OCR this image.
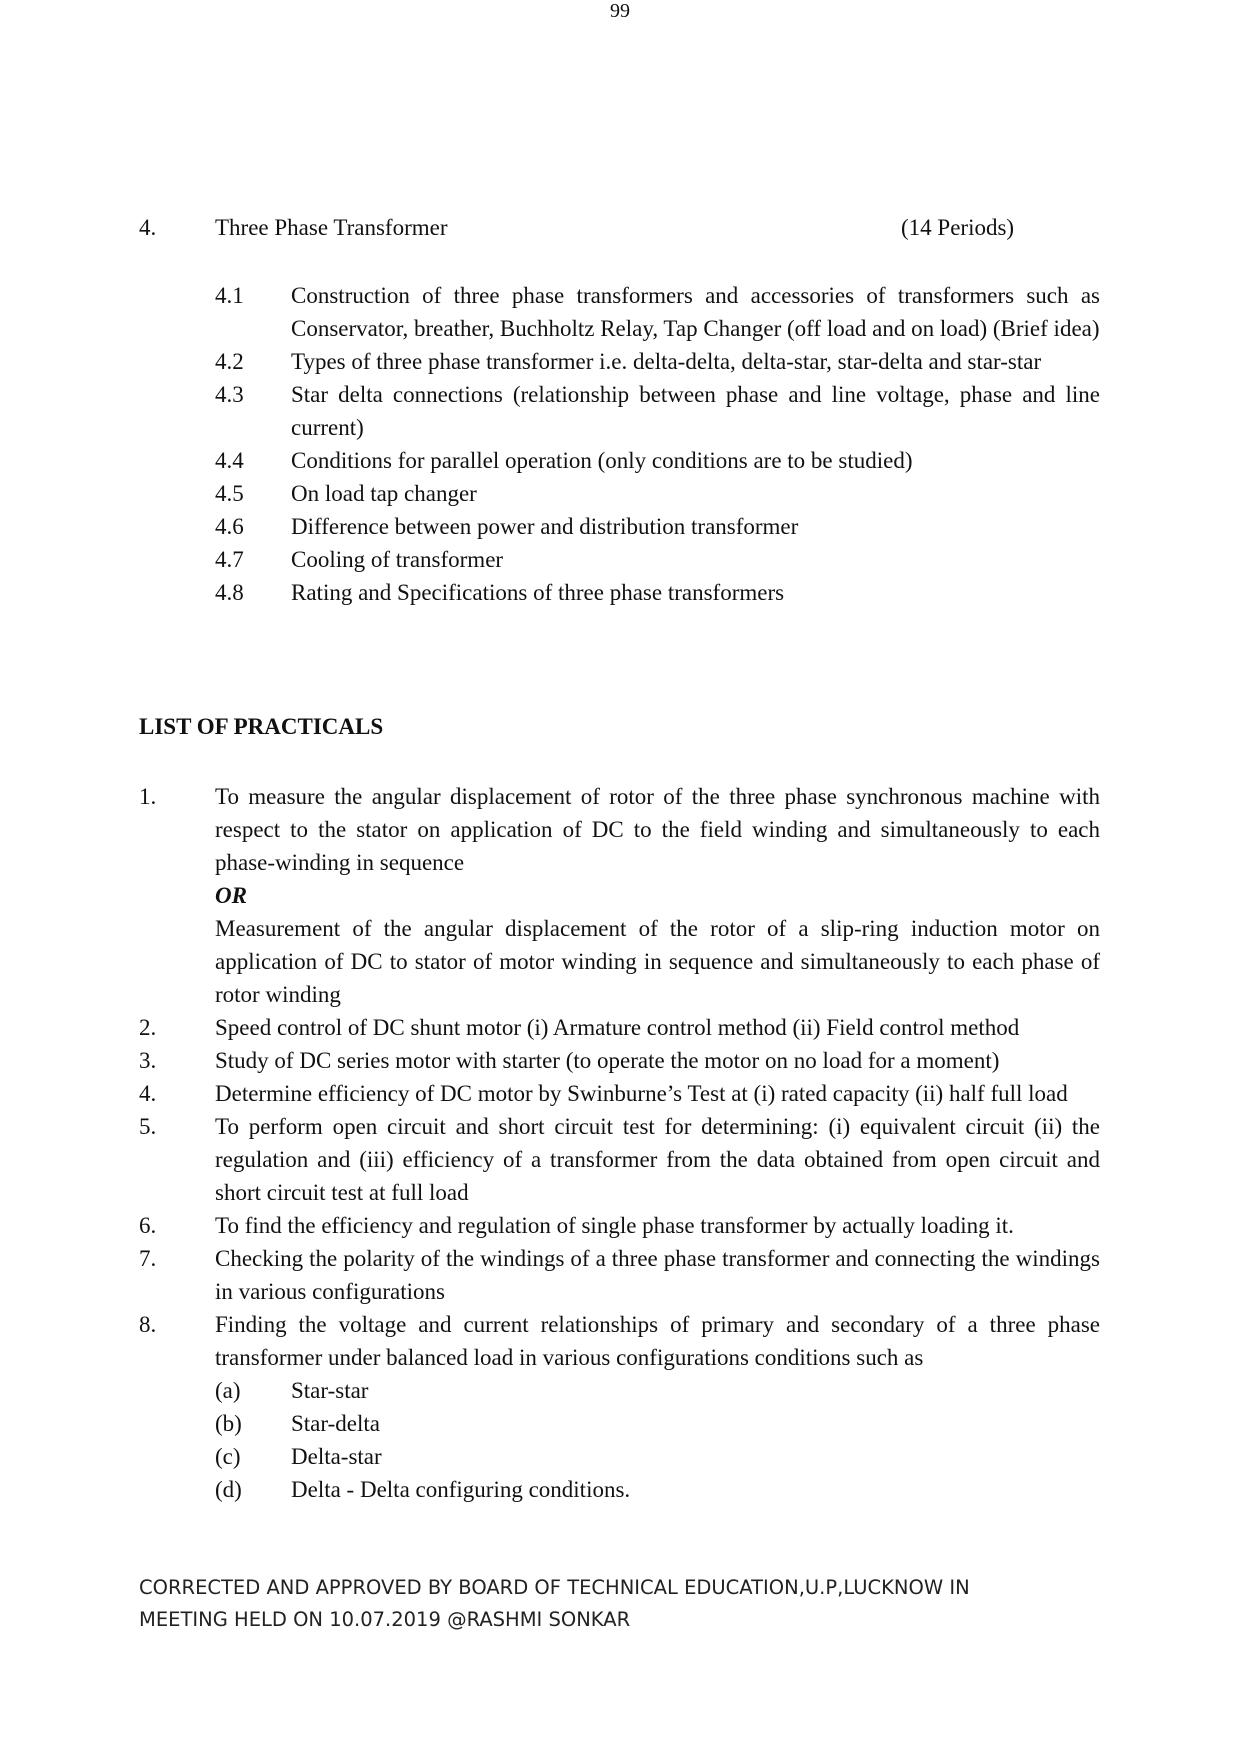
99
4.	Three Phase Transformer	(14 Periods)
4.1 Construction of three phase transformers and accessories of transformers such as Conservator, breather, Buchholtz Relay, Tap Changer (off load and on load) (Brief idea)
4.2 Types of three phase transformer i.e. delta-delta, delta-star, star-delta and star-star
4.3 Star delta connections (relationship between phase and line voltage, phase and line current)
4.4 Conditions for parallel operation (only conditions are to be studied)
4.5 On load tap changer
4.6 Difference between power and distribution transformer
4.7 Cooling of transformer
4.8 Rating and Specifications of three phase transformers
LIST OF PRACTICALS
1.	To measure the angular displacement of rotor of the three phase synchronous machine with respect to the stator on application of DC to the field winding and simultaneously to each phase-winding in sequence
OR
Measurement of the angular displacement of the rotor of a slip-ring induction motor on application of DC to stator of motor winding in sequence and simultaneously to each phase of rotor winding
2.	Speed control of DC shunt motor (i) Armature control method (ii) Field control method
3.	Study of DC series motor with starter (to operate the motor on no load for a moment)
4.	Determine efficiency of DC motor by Swinburne’s Test at (i) rated capacity (ii) half full load
5.	To perform open circuit and short circuit test for determining: (i) equivalent circuit (ii) the regulation and (iii) efficiency of a transformer from the data obtained from open circuit and short circuit test at full load
6.	To find the efficiency and regulation of single phase transformer by actually loading it.
7.	Checking the polarity of the windings of a three phase transformer and connecting the windings in various configurations
8.	Finding the voltage and current relationships of primary and secondary of a three phase transformer under balanced load in various configurations conditions such as
(a) Star-star
(b) Star-delta
(c) Delta-star
(d) Delta - Delta configuring conditions.
CORRECTED AND APPROVED BY BOARD OF TECHNICAL EDUCATION,U.P,LUCKNOW IN
MEETING HELD ON 10.07.2019 @RASHMI SONKAR
